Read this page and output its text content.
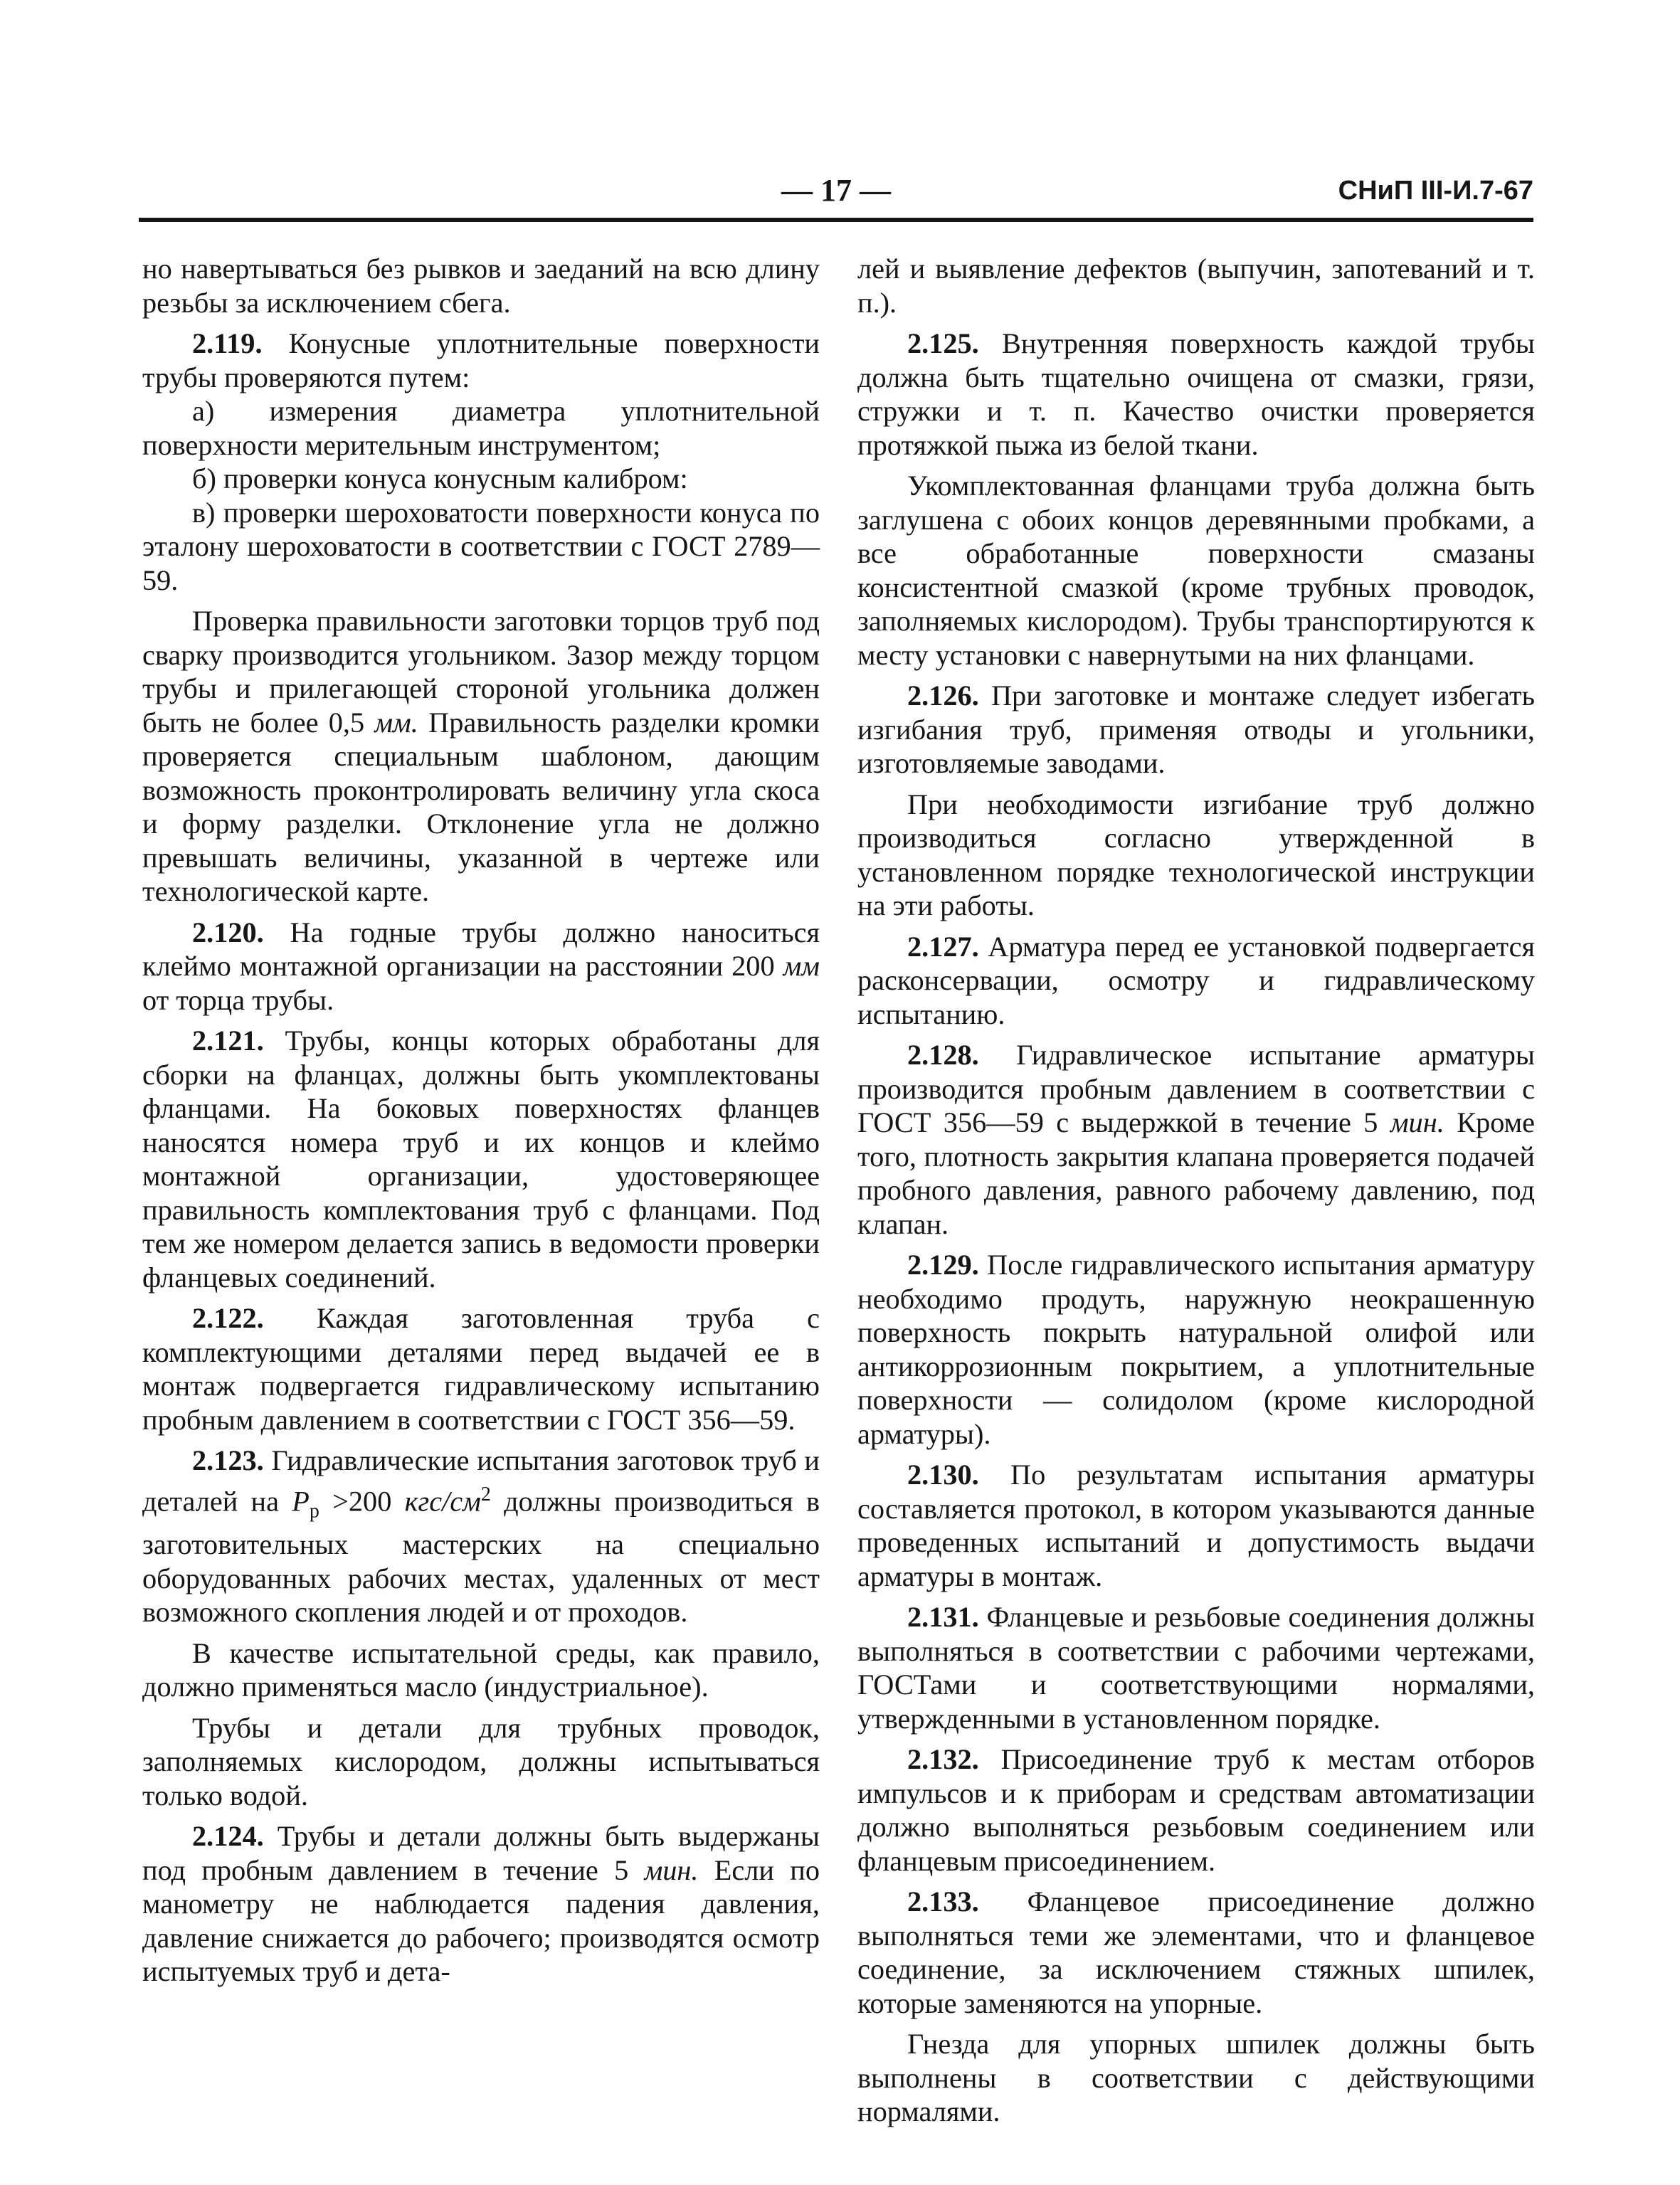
— 17 —	СНиП III-И.7-67

но навертываться без рывков и заеданий на всю длину резьбы за исключением сбега.

2.119. Конусные уплотнительные поверхности трубы проверяются путем:

а) измерения диаметра уплотнительной поверхности мерительным инструментом;

б) проверки конуса конусным калибром:

в) проверки шероховатости поверхности конуса по эталону шероховатости в соответствии с ГОСТ 2789—59.

Проверка правильности заготовки торцов труб под сварку производится угольником. Зазор между торцом трубы и прилегающей стороной угольника должен быть не более 0,5 мм. Правильность разделки кромки проверяется специальным шаблоном, дающим возможность проконтролировать величину угла скоса и форму разделки. Отклонение угла не должно превышать величины, указанной в чертеже или технологической карте.

2.120. На годные трубы должно наноситься клеймо монтажной организации на расстоянии 200 мм от торца трубы.

2.121. Трубы, концы которых обработаны для сборки на фланцах, должны быть укомплектованы фланцами. На боковых поверхностях фланцев наносятся номера труб и их концов и клеймо монтажной организации, удостоверяющее правильность комплектования труб с фланцами. Под тем же номером делается запись в ведомости проверки фланцевых соединений.

2.122. Каждая заготовленная труба с комплектующими деталями перед выдачей ее в монтаж подвергается гидравлическому испытанию пробным давлением в соответствии с ГОСТ 356—59.

2.123. Гидравлические испытания заготовок труб и деталей на $P_р >200$ кгс/$см^2$ должны производиться в заготовительных мастерских на специально оборудованных рабочих местах, удаленных от мест возможного скопления людей и от проходов.

В качестве испытательной среды, как правило, должно применяться масло (индустриальное).

Трубы и детали для трубных проводок, заполняемых кислородом, должны испытываться только водой.

2.124. Трубы и детали должны быть выдержаны под пробным давлением в течение 5 мин. Если по манометру не наблюдается падения давления, давление снижается до рабочего; производятся осмотр испытуемых труб и дета-

лей и выявление дефектов (выпучин, запотеваний и т. п.).

2.125. Внутренняя поверхность каждой трубы должна быть тщательно очищена от смазки, грязи, стружки и т. п. Качество очистки проверяется протяжкой пыжа из белой ткани.

Укомплектованная фланцами труба должна быть заглушена с обоих концов деревянными пробками, а все обработанные поверхности смазаны консистентной смазкой (кроме трубных проводок, заполняемых кислородом). Трубы транспортируются к месту установки с навернутыми на них фланцами.

2.126. При заготовке и монтаже следует избегать изгибания труб, применяя отводы и угольники, изготовляемые заводами.

При необходимости изгибание труб должно производиться согласно утвержденной в установленном порядке технологической инструкции на эти работы.

2.127. Арматура перед ее установкой подвергается расконсервации, осмотру и гидравлическому испытанию.

2.128. Гидравлическое испытание арматуры производится пробным давлением в соответствии с ГОСТ 356—59 с выдержкой в течение 5 мин. Кроме того, плотность закрытия клапана проверяется подачей пробного давления, равного рабочему давлению, под клапан.

2.129. После гидравлического испытания арматуру необходимо продуть, наружную неокрашенную поверхность покрыть натуральной олифой или антикоррозионным покрытием, а уплотнительные поверхности — солидолом (кроме кислородной арматуры).

2.130. По результатам испытания арматуры составляется протокол, в котором указываются данные проведенных испытаний и допустимость выдачи арматуры в монтаж.

2.131. Фланцевые и резьбовые соединения должны выполняться в соответствии с рабочими чертежами, ГОСТами и соответствующими нормалями, утвержденными в установленном порядке.

2.132. Присоединение труб к местам отборов импульсов и к приборам и средствам автоматизации должно выполняться резьбовым соединением или фланцевым присоединением.

2.133. Фланцевое присоединение должно выполняться теми же элементами, что и фланцевое соединение, за исключением стяжных шпилек, которые заменяются на упорные.

Гнезда для упорных шпилек должны быть выполнены в соответствии с действующими нормалями.
